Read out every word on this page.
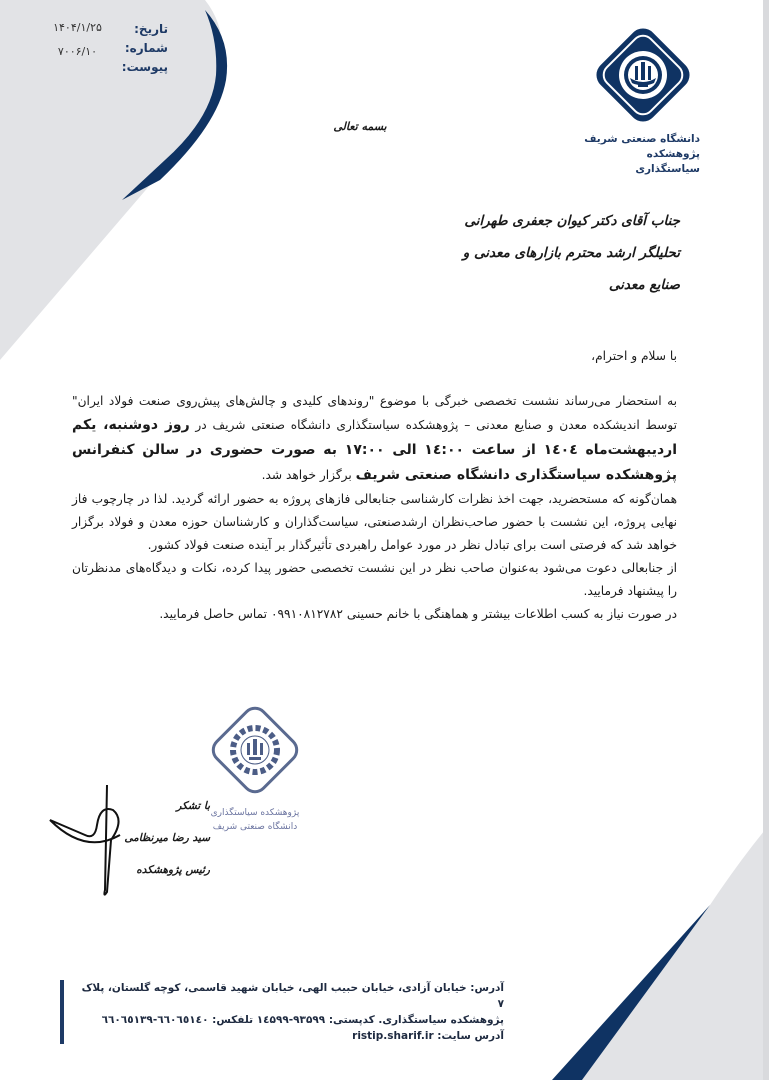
تاریخ:
شماره:
پیوست:
۱۴۰۴/۱/۲۵
۷۰۰۶/۱۰
دانشگاه صنعتی شریف
پژوهشکده سیاستگذاری
بسمه تعالی
جناب آقای دکتر کیوان جعفری طهرانی
تحلیلگر ارشد محترم بازارهای معدنی و صنایع معدنی

با سلام و احترام،

به استحضار می‌رساند نشست تخصصی خبرگی با موضوع "روندهای کلیدی و چالش‌های پیش‌روی صنعت فولاد ایران" توسط اندیشکده معدن و صنایع معدنی – پژوهشکده سیاستگذاری دانشگاه صنعتی شریف در روز دوشنبه، یکم اردیبهشت‌ماه ۱٤۰٤ از ساعت ۱٤:۰۰ الی ۱۷:۰۰ به صورت حضوری در سالن کنفرانس پژوهشکده سیاستگذاری دانشگاه صنعتی شریف برگزار خواهد شد.

همان‌گونه که مستحضرید، جهت اخذ نظرات کارشناسی جنابعالی فازهای پروژه به حضور ارائه گردید. لذا در چارچوب فاز نهایی پروژه، این نشست با حضور صاحب‌نظران ارشدصنعتی، سیاست‌گذاران و کارشناسان حوزه معدن و فولاد برگزار خواهد شد که فرصتی است برای تبادل نظر در مورد عوامل راهبردی تأثیرگذار بر آینده صنعت فولاد کشور.

از جنابعالی دعوت می‌شود به‌عنوان صاحب نظر در این نشست تخصصی حضور پیدا کرده، نکات و دیدگاه‌های مدنظرتان را پیشنهاد فرمایید.

در صورت نیاز به کسب اطلاعات بیشتر و هماهنگی با خانم حسینی ۰۹۹۱۰۸۱۲۷۸۲ تماس حاصل فرمایید.

پژوهشکده سیاستگذاری
دانشگاه صنعتی شریف
با تشکر
سید رضا میرنظامی
رئیس پژوهشکده
آدرس: خیابان آزادی، خیابان حبیب الهی، خیابان شهید قاسمی، کوچه گلستان، پلاک ۷
پژوهشکده سیاستگذاری. کدپستی: ۹۳۵۹۹-۱٤۵۹۹ تلفکس: ٦٦۰٦٥۱٤۰-٦٦۰٦٥۱۳۹
آدرس سایت: ristip.sharif.ir
